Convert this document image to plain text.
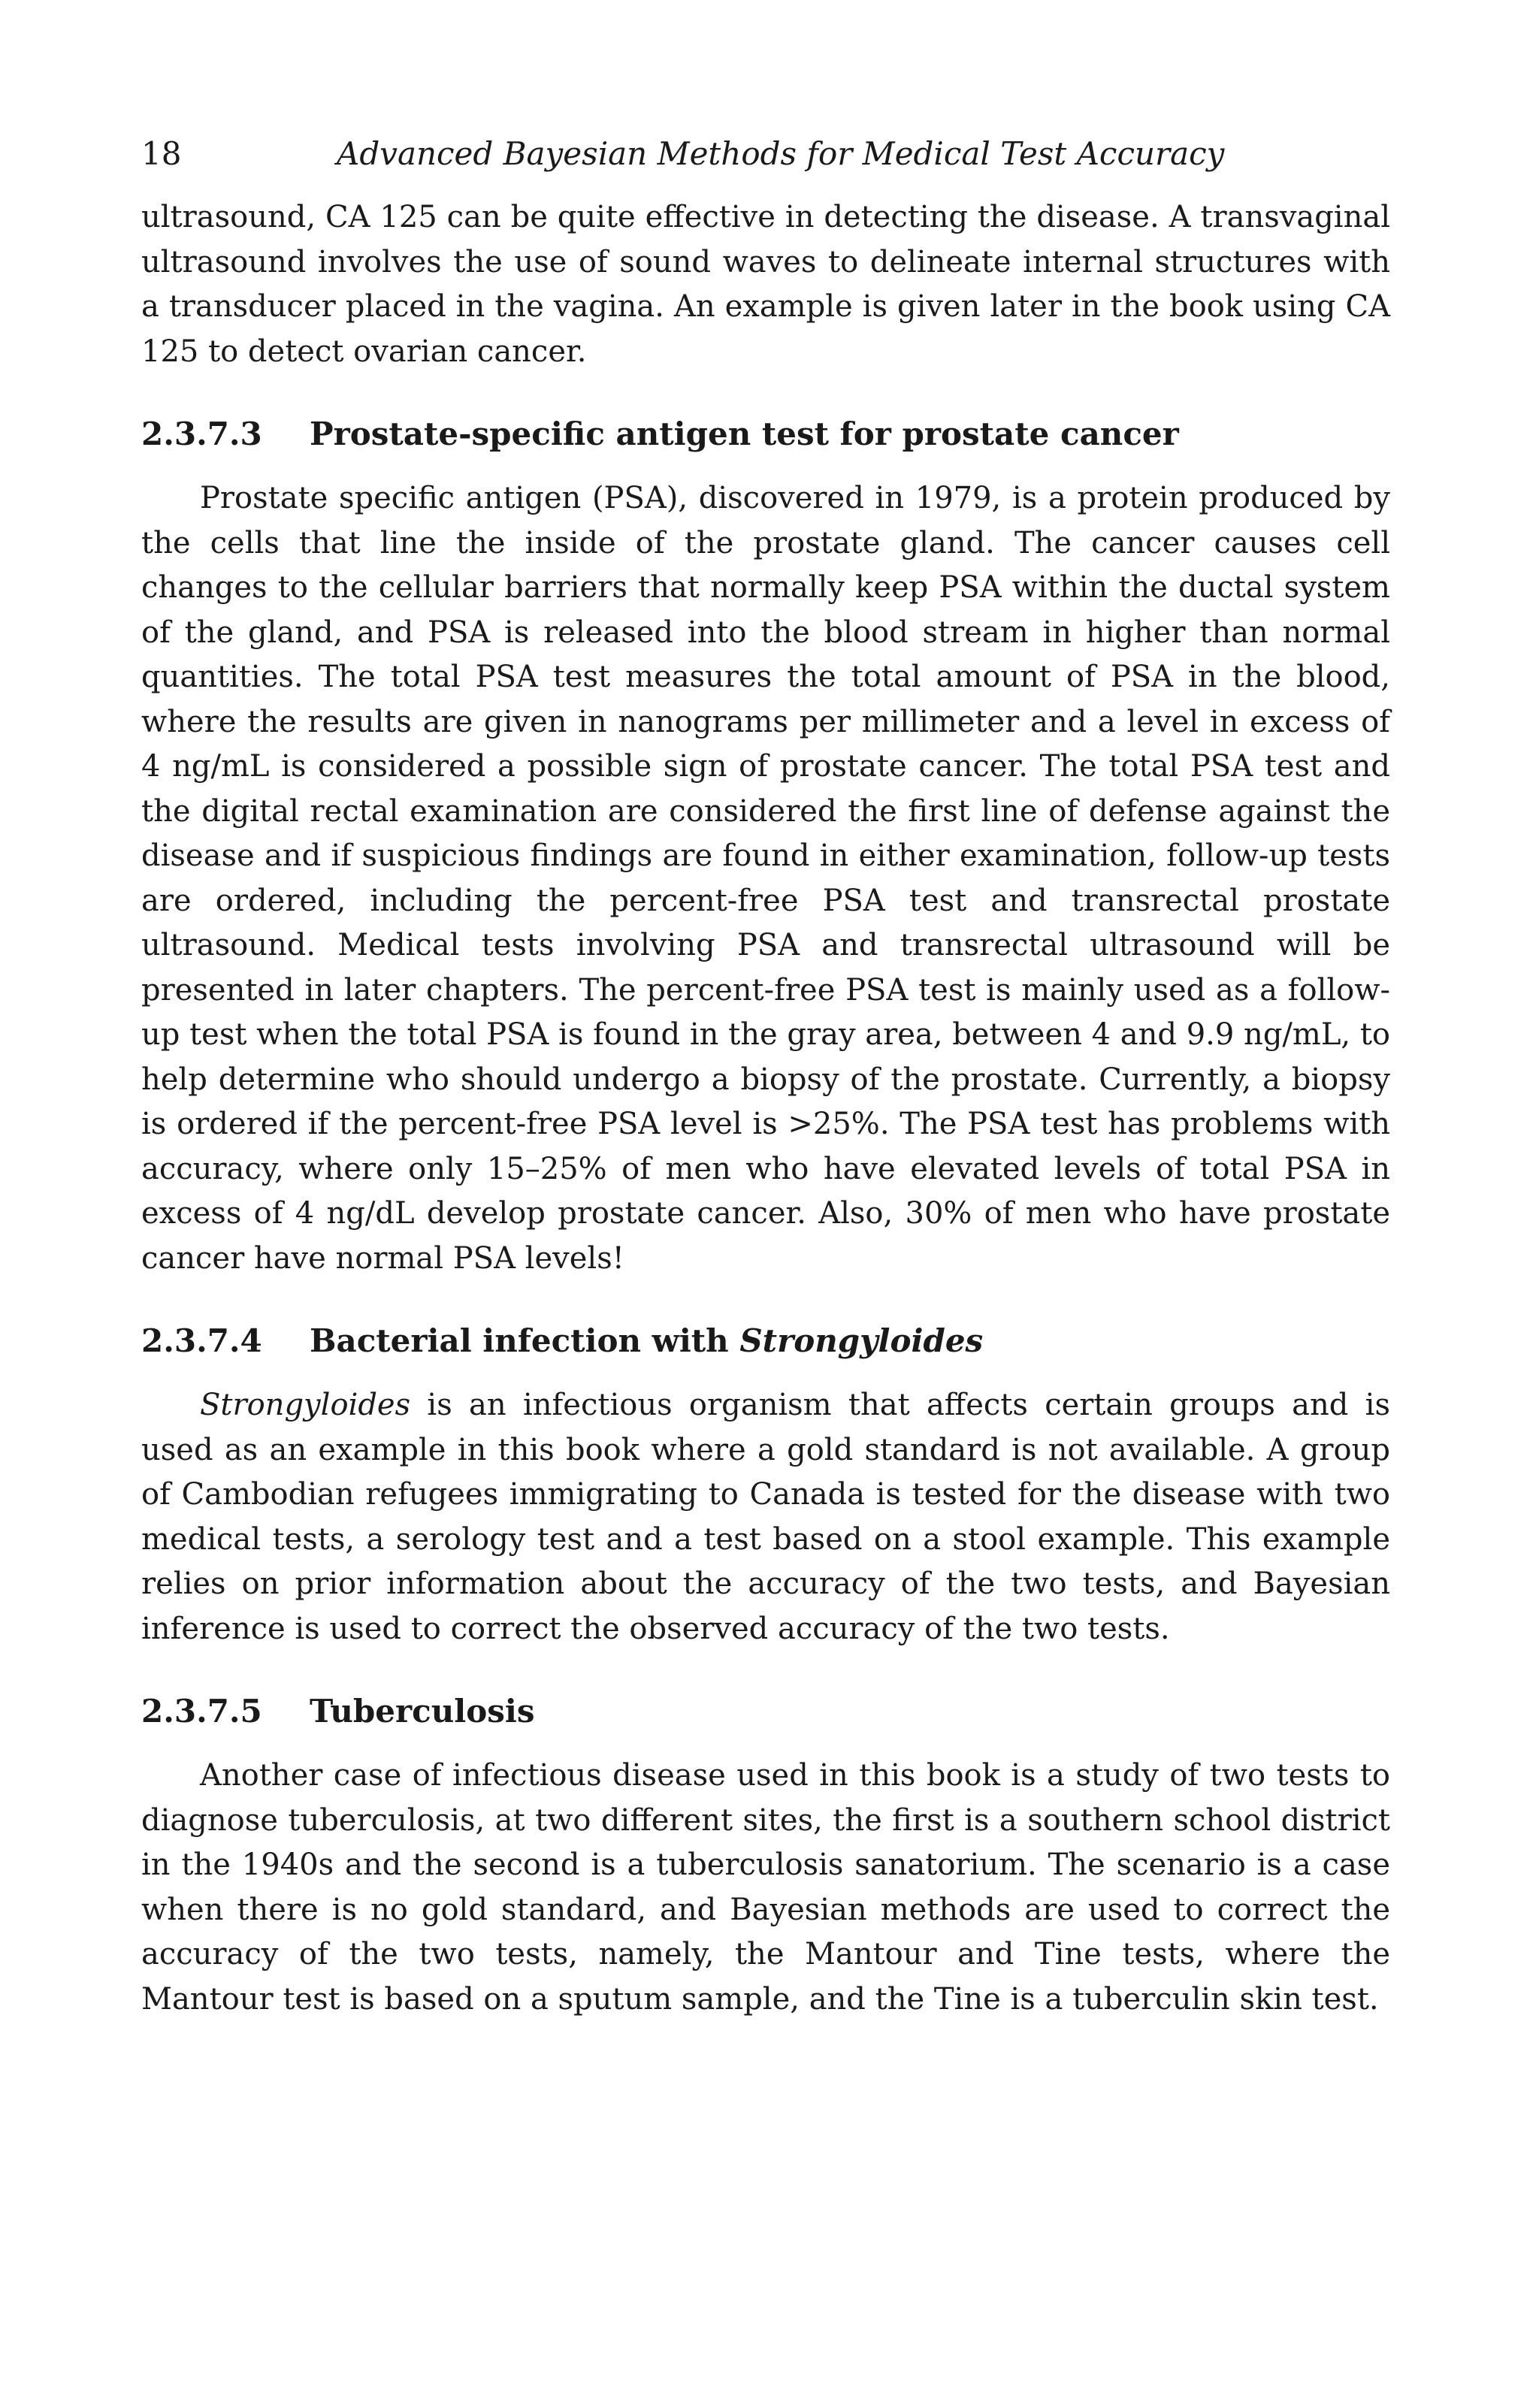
18	Advanced Bayesian Methods for Medical Test Accuracy

ultrasound, CA 125 can be quite effective in detecting the disease. A transvaginal ultrasound involves the use of sound waves to delineate internal structures with a transducer placed in the vagina. An example is given later in the book using CA 125 to detect ovarian cancer.

2.3.7.3 Prostate-specific antigen test for prostate cancer

Prostate specific antigen (PSA), discovered in 1979, is a protein produced by the cells that line the inside of the prostate gland. The cancer causes cell changes to the cellular barriers that normally keep PSA within the ductal system of the gland, and PSA is released into the blood stream in higher than normal quantities. The total PSA test measures the total amount of PSA in the blood, where the results are given in nanograms per millimeter and a level in excess of 4 ng/mL is considered a possible sign of prostate cancer. The total PSA test and the digital rectal examination are considered the first line of defense against the disease and if suspicious findings are found in either examination, follow-up tests are ordered, including the percent-free PSA test and transrectal prostate ultrasound. Medical tests involving PSA and transrectal ultrasound will be presented in later chapters. The percent-free PSA test is mainly used as a follow-up test when the total PSA is found in the gray area, between 4 and 9.9 ng/mL, to help determine who should undergo a biopsy of the prostate. Currently, a biopsy is ordered if the percent-free PSA level is >25%. The PSA test has problems with accuracy, where only 15–25% of men who have elevated levels of total PSA in excess of 4 ng/dL develop prostate cancer. Also, 30% of men who have prostate cancer have normal PSA levels!

2.3.7.4 Bacterial infection with Strongyloides

Strongyloides is an infectious organism that affects certain groups and is used as an example in this book where a gold standard is not available. A group of Cambodian refugees immigrating to Canada is tested for the disease with two medical tests, a serology test and a test based on a stool example. This example relies on prior information about the accuracy of the two tests, and Bayesian inference is used to correct the observed accuracy of the two tests.

2.3.7.5 Tuberculosis

Another case of infectious disease used in this book is a study of two tests to diagnose tuberculosis, at two different sites, the first is a southern school district in the 1940s and the second is a tuberculosis sanatorium. The scenario is a case when there is no gold standard, and Bayesian methods are used to correct the accuracy of the two tests, namely, the Mantour and Tine tests, where the Mantour test is based on a sputum sample, and the Tine is a tuberculin skin test.
